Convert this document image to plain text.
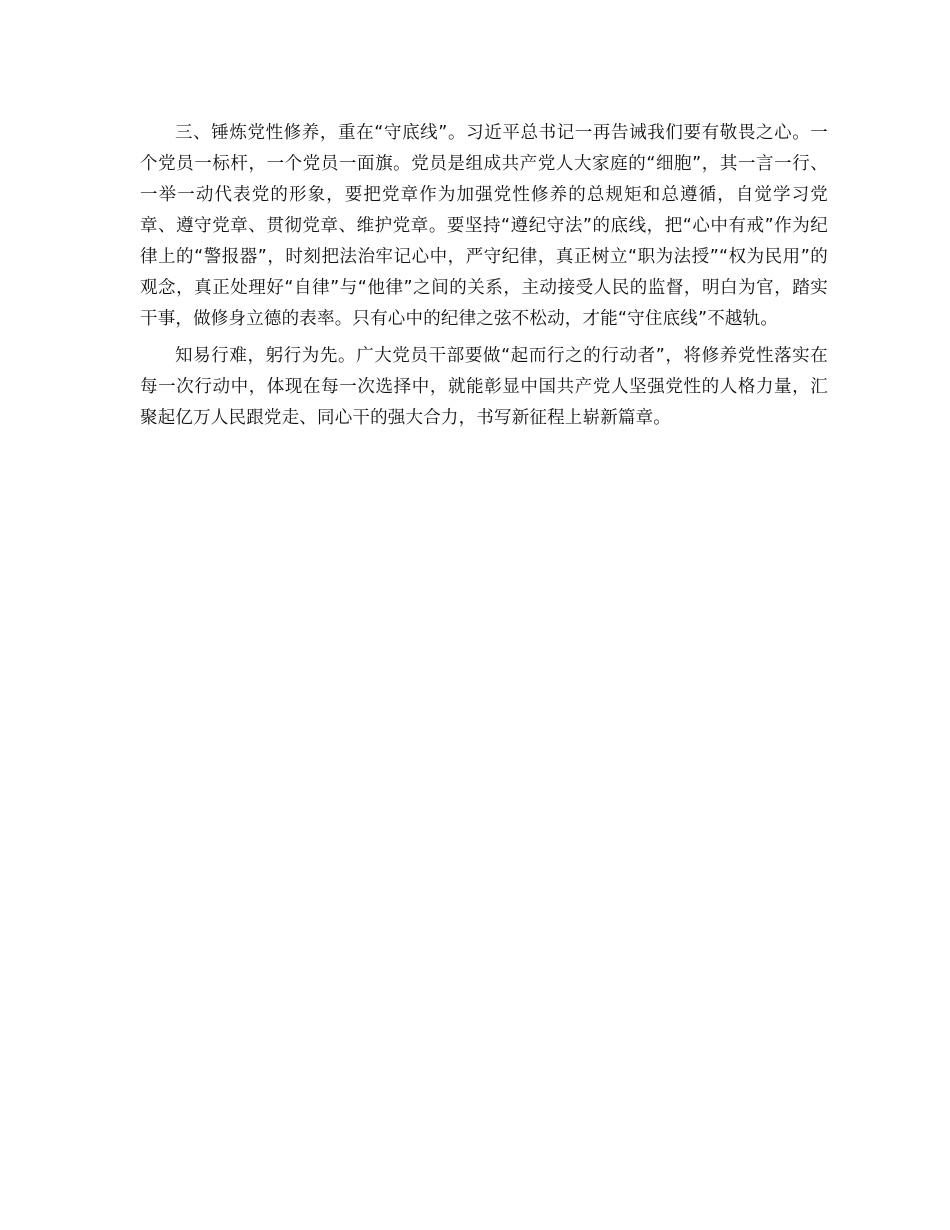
三、锤炼党性修养，重在“守底线”。习近平总书记一再告诫我们要有敬畏之心。一个党员一标杆，一个党员一面旗。党员是组成共产党人大家庭的“细胞”，其一言一行、一举一动代表党的形象，要把党章作为加强党性修养的总规矩和总遵循，自觉学习党章、遵守党章、贯彻党章、维护党章。要坚持“遵纪守法”的底线，把“心中有戒”作为纪律上的“警报器”，时刻把法治牢记心中，严守纪律，真正树立“职为法授”“权为民用”的观念，真正处理好“自律”与“他律”之间的关系，主动接受人民的监督，明白为官，踏实干事，做修身立德的表率。只有心中的纪律之弦不松动，才能“守住底线”不越轨。

知易行难，躬行为先。广大党员干部要做“起而行之的行动者”，将修养党性落实在每一次行动中，体现在每一次选择中，就能彰显中国共产党人坚强党性的人格力量，汇聚起亿万人民跟党走、同心干的强大合力，书写新征程上崭新篇章。
